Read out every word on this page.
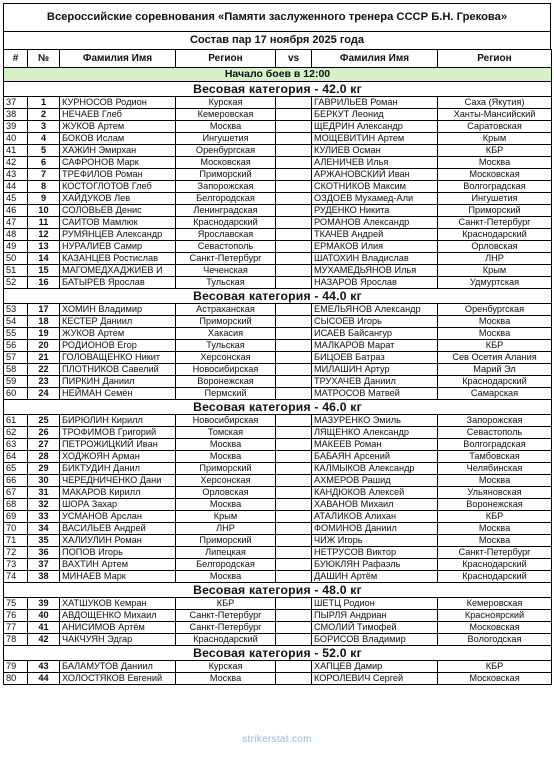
Всероссийские соревнования «Памяти заслуженного тренера СССР Б.Н. Грекова»
Состав пар 17 ноября 2025 года
#	№	Фамилия Имя	Регион	vs	Фамилия Имя	Регион
Начало боев в 12:00						
Весовая категория - 42.0 кг						
37	1	КУРНОСОВ Родион	Курская		ГАВРИЛЬЕВ Роман	Саха (Якутия)
38	2	НЕЧАЕВ Глеб	Кемеровская		БЕРКУТ Леонид	Ханты-Мансийский
39	3	ЖУКОВ Артем	Москва		ЩЕДРИН Александр	Саратовская
40	4	БОКОВ Ислам	Ингушетия		МОЩЕВИТИН Артем	Крым
41	5	ХАЖИН Эмирхан	Оренбургская		КУЛИЕВ Осман	КБР
42	6	САФРОНОВ Марк	Московская		АЛЕНИЧЕВ Илья	Москва
43	7	ТРЕФИЛОВ Роман	Приморский		АРЖАНОВСКИЙ Иван	Московская
44	8	КОСТОГЛОТОВ Глеб	Запорожская		СКОТНИКОВ Максим	Волгоградская
45	9	ХАЙДУКОВ Лев	Белгородская		ОЗДОЕВ Мухамед-Али	Ингушетия
46	10	СОЛОВЬЕВ Денис	Ленинградская		РУДЕНКО Никита	Приморский
47	11	САИТОВ Мамлюк	Краснодарский		РОМАНОВ Александр	Санкт-Петербург
48	12	РУМЯНЦЕВ Александр	Ярославская		ТКАЧЕВ Андрей	Краснодарский
49	13	НУРАЛИЕВ Самир	Севастополь		ЕРМАКОВ Илия	Орловская
50	14	КАЗАНЦЕВ Ростислав	Санкт-Петербург		ШАТОХИН Владислав	ЛНР
51	15	МАГОМЕДХАДЖИЕВ И	Чеченская		МУХАМЕДЬЯНОВ Илья	Крым
52	16	БАТЫРЕВ Ярослав	Тульская		НАЗАРОВ Ярослав	Удмуртская
Весовая категория - 44.0 кг						
53	17	ХОМИН Владимир	Астраханская		ЕМЕЛЬЯНОВ Александр	Оренбургская
54	18	КЕСТЕР Даниил	Приморский		СЫСОЕВ Игорь	Москва
55	19	ЖУКОВ Артем	Хакасия		ИСАЕВ Байсангур	Москва
56	20	РОДИОНОВ Егор	Тульская		МАЛКАРОВ Марат	КБР
57	21	ГОЛОВАЩЕНКО Никит	Херсонская		БИЦОЕВ Батраз	Сев Осетия Алания
58	22	ПЛОТНИКОВ Савелий	Новосибирская		МИЛАШИН Артур	Марий Эл
59	23	ПИРКИН Даниил	Воронежская		ТРУХАЧЕВ Даниил	Краснодарский
60	24	НЕЙМАН Семён	Пермский		МАТРОСОВ Матвей	Самарская
Весовая категория - 46.0 кг						
61	25	БИРЮЛИН Кирилл	Новосибирская		МАЗУРЕНКО Эмиль	Запорожская
62	26	ТРОФИМОВ Григорий	Томская		ЛЯЩЕНКО Александр	Севастополь
63	27	ПЕТРОЖИЦКИЙ Иван	Москва		МАКЕЕВ Роман	Волгоградская
64	28	ХОДЖОЯН Арман	Москва		БАБАЯН Арсений	Тамбовская
65	29	БИКТУДИН Данил	Приморский		КАЛМЫКОВ Александр	Челябинская
66	30	ЧЕРЕДНИЧЕНКО Дани	Херсонская		АХМЕРОВ Рашид	Москва
67	31	МАКАРОВ Кирилл	Орловская		КАНДЮКОВ Алексей	Ульяновская
68	32	ШОРА Захар	Москва		ХАВАНОВ Михаил	Воронежская
69	33	УСМАНОВ Арслан	Крым		АТАЛИКОВ Алихан	КБР
70	34	ВАСИЛЬЕВ Андрей	ЛНР		ФОМИНОВ Даниил	Москва
71	35	ХАЛИУЛИН Роман	Приморский		ЧИЖ Игорь	Москва
72	36	ПОПОВ Игорь	Липецкая		НЕТРУСОВ Виктор	Санкт-Петербург
73	37	ВАХТИН Артем	Белгородская		БУЮКЛЯН Рафаэль	Краснодарский
74	38	МИНАЕВ Марк	Москва		ДАШИН Артём	Краснодарский
Весовая категория - 48.0 кг						
75	39	ХАТШУКОВ Кемран	КБР		ШЕТЦ Родион	Кемеровская
76	40	АВДОЩЕНКО Михаил	Санкт-Петербург		ПЫРЛЯ Андриан	Красноярский
77	41	АНИСИМОВ Артём	Санкт-Петербург		СМОЛИЙ Тимофей	Московская
78	42	ЧАКЧУЯН Эдгар	Краснодарский		БОРИСОВ Владимир	Вологодская
Весовая категория - 52.0 кг						
79	43	БАЛАМУТОВ Даниил	Курская		ХАПЦЕВ Дамир	КБР
80	44	ХОЛОСТЯКОВ Евгений	Москва		КОРОЛЕВИЧ Сергей	Московская
strikerstat.com
